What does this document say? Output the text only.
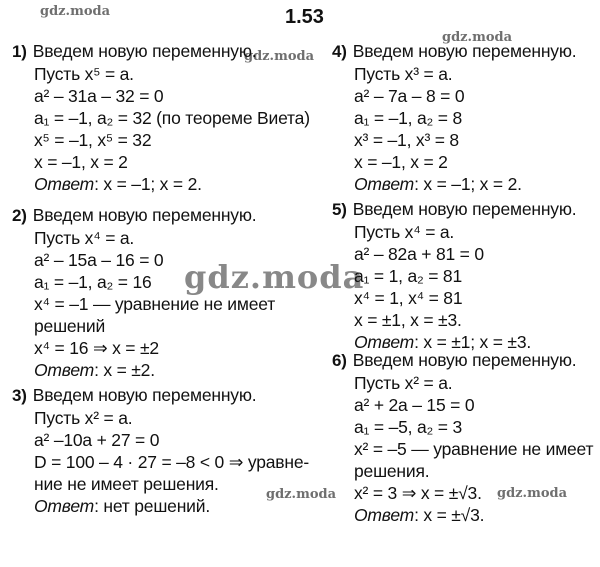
1.53
gdz.moda
gdz.moda
gdz.moda
gdz.moda
gdz.moda	gdz.moda
1) Введем новую переменную.
Пусть x⁵ = a.
a² – 31a – 32 = 0
a₁ = –1, a₂ = 32 (по теореме Виета)
x⁵ = –1, x⁵ = 32
x = –1, x = 2
Ответ: x = –1; x = 2.
2) Введем новую переменную.
Пусть x⁴ = a.
a² – 15a – 16 = 0
a₁ = –1, a₂ = 16
x⁴ = –1 — уравнение не имеет
решений
x⁴ = 16 ⇒ x = ±2
Ответ: x = ±2.
3) Введем новую переменную.
Пусть x² = a.
a² –10a + 27 = 0
D = 100 – 4 · 27 = –8 < 0 ⇒ уравне-
ние не имеет решения.
Ответ: нет решений.
4) Введем новую переменную.
Пусть x³ = a.
a² – 7a – 8 = 0
a₁ = –1, a₂ = 8
x³ = –1, x³ = 8
x = –1, x = 2
Ответ: x = –1; x = 2.
5) Введем новую переменную.
Пусть x⁴ = a.
a² – 82a + 81 = 0
a₁ = 1, a₂ = 81
x⁴ = 1, x⁴ = 81
x = ±1, x = ±3.
Ответ: x = ±1; x = ±3.
6) Введем новую переменную.
Пусть x² = a.
a² + 2a – 15 = 0
a₁ = –5, a₂ = 3
x² = –5 — уравнение не имеет
решения.
x² = 3 ⇒ x = ±√3.
Ответ: x = ±√3.
